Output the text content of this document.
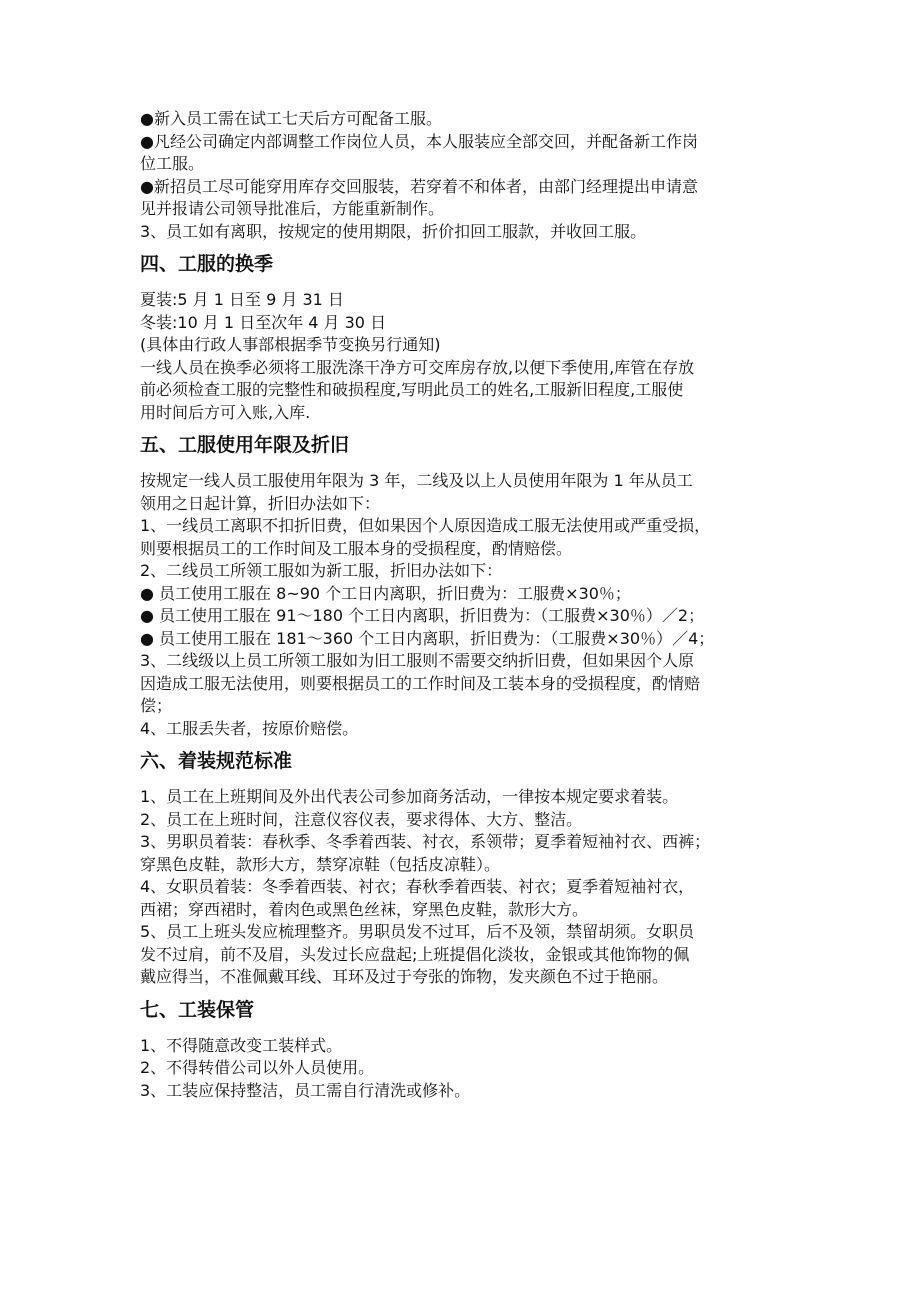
●新入员工需在试工七天后方可配备工服。
●凡经公司确定内部调整工作岗位人员，本人服装应全部交回，并配备新工作岗
位工服。
●新招员工尽可能穿用库存交回服装，若穿着不和体者，由部门经理提出申请意
见并报请公司领导批准后，方能重新制作。
3、员工如有离职，按规定的使用期限，折价扣回工服款，并收回工服。
四、工服的换季
夏装:5 月 1 日至 9 月 31 日
冬装:10 月 1 日至次年 4 月 30 日
(具体由行政人事部根据季节变换另行通知)
一线人员在换季必须将工服洗涤干净方可交库房存放,以便下季使用,库管在存放
前必须检查工服的完整性和破损程度,写明此员工的姓名,工服新旧程度,工服使
用时间后方可入账,入库.
五、工服使用年限及折旧
按规定一线人员工服使用年限为 3 年，二线及以上人员使用年限为 1 年从员工
领用之日起计算，折旧办法如下：
1、一线员工离职不扣折旧费，但如果因个人原因造成工服无法使用或严重受损，
则要根据员工的工作时间及工服本身的受损程度，酌情赔偿。
2、二线员工所领工服如为新工服，折旧办法如下：
● 员工使用工服在 8~90 个工日内离职，折旧费为：工服费×30％；
● 员工使用工服在 91～180 个工日内离职，折旧费为：（工服费×30％）／2；
● 员工使用工服在 181～360 个工日内离职，折旧费为：（工服费×30％）／4；
3、二线级以上员工所领工服如为旧工服则不需要交纳折旧费，但如果因个人原
因造成工服无法使用，则要根据员工的工作时间及工装本身的受损程度，酌情赔
偿；
4、工服丢失者，按原价赔偿。
六、着装规范标准
1、员工在上班期间及外出代表公司参加商务活动，一律按本规定要求着装。
2、员工在上班时间，注意仪容仪表，要求得体、大方、整洁。
3、男职员着装：春秋季、冬季着西装、衬衣，系领带；夏季着短袖衬衣、西裤；
穿黑色皮鞋，款形大方，禁穿凉鞋（包括皮凉鞋）。
4、女职员着装：冬季着西装、衬衣；春秋季着西装、衬衣；夏季着短袖衬衣，
西裙；穿西裙时，着肉色或黑色丝袜，穿黑色皮鞋，款形大方。
5、员工上班头发应梳理整齐。男职员发不过耳，后不及领，禁留胡须。女职员
发不过肩，前不及眉，头发过长应盘起;上班提倡化淡妆，金银或其他饰物的佩
戴应得当，不准佩戴耳线、耳环及过于夸张的饰物，发夹颜色不过于艳丽。
七、工装保管
1、不得随意改变工装样式。
2、不得转借公司以外人员使用。
3、工装应保持整洁，员工需自行清洗或修补。
